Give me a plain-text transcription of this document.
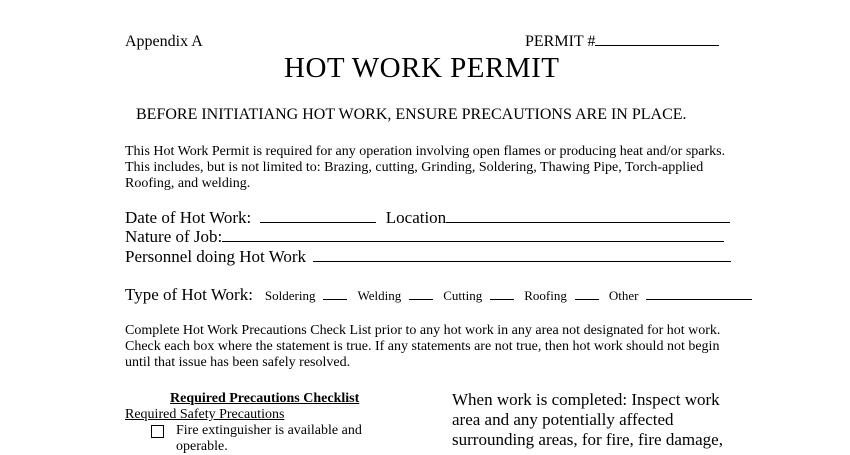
Appendix A	PERMIT #
HOT WORK PERMIT
BEFORE INITIATIANG HOT WORK, ENSURE PRECAUTIONS ARE IN PLACE.
This Hot Work Permit is required for any operation involving open flames or producing heat and/or sparks.
This includes, but is not limited to: Brazing, cutting, Grinding, Soldering, Thawing Pipe, Torch-applied
Roofing, and welding.
Date of Hot Work:	Location
Nature of Job:
Personnel doing Hot Work
Type of Hot Work: Soldering	Welding	Cutting	Roofing	Other
Complete Hot Work Precautions Check List prior to any hot work in any area not designated for hot work.
Check each box where the statement is true. If any statements are not true, then hot work should not begin
until that issue has been safely resolved.
Required Precautions Checklist
Required Safety Precautions
Fire extinguisher is available and
operable.
When work is completed: Inspect work
area and any potentially affected
surrounding areas, for fire, fire damage,
